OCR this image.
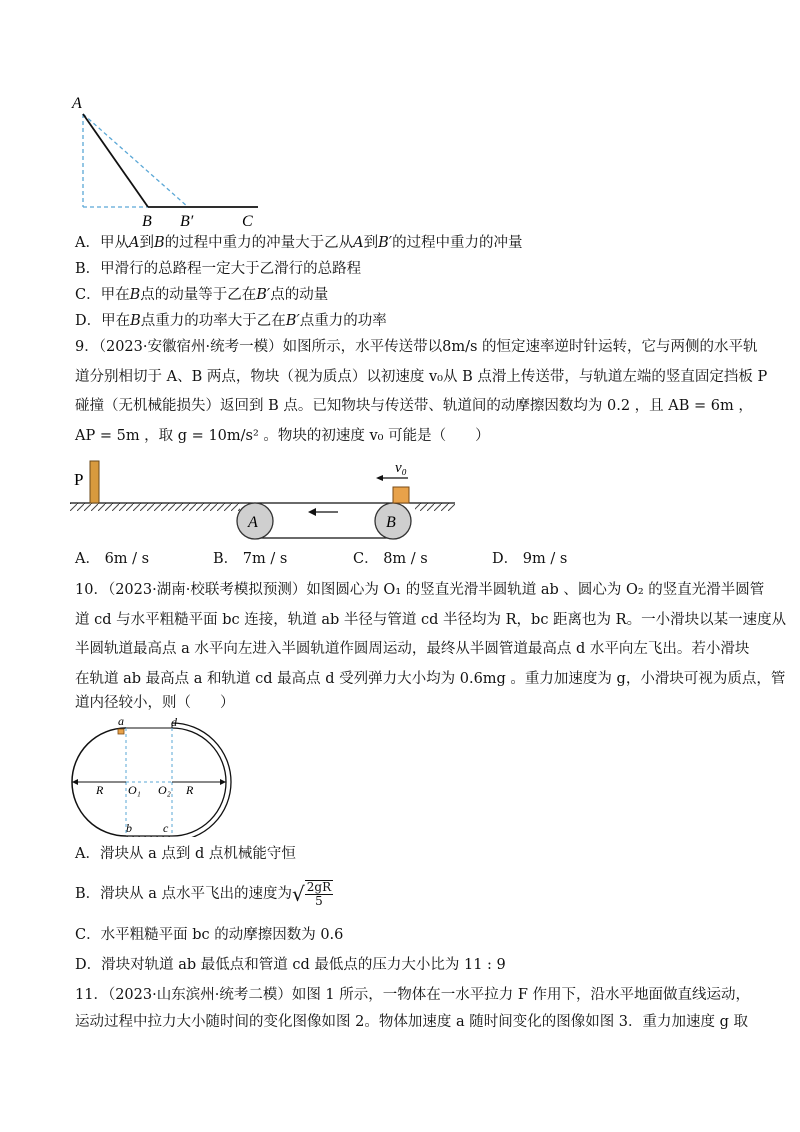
A
B B′	C
A．甲从A到B的过程中重力的冲量大于乙从A到B′的过程中重力的冲量
B．甲滑行的总路程一定大于乙滑行的总路程
C．甲在B点的动量等于乙在B′点的动量
D．甲在B点重力的功率大于乙在B′点重力的功率
9．（2023·安徽宿州·统考一模）如图所示，水平传送带以8m/s 的恒定速率逆时针运转，它与两侧的水平轨
道分别相切于 A、B 两点，物块（视为质点）以初速度 v₀从 B 点滑上传送带，与轨道左端的竖直固定挡板 P
碰撞（无机械能损失）返回到 B 点。已知物块与传送带、轨道间的动摩擦因数均为 0.2 ，且 AB = 6m ，
AP = 5m ，取 g = 10m/s² 。物块的初速度 v₀ 可能是（　　）
P
A	B
v₀
A． 6m / s	B． 7m / s	C． 8m / s	D． 9m / s
10．（2023·湖南·校联考模拟预测）如图圆心为 O₁ 的竖直光滑半圆轨道 ab 、圆心为 O₂ 的竖直光滑半圆管
道 cd 与水平粗糙平面 bc 连接，轨道 ab 半径与管道 cd 半径均为 R，bc 距离也为 R。一小滑块以某一速度从
半圆轨道最高点 a 水平向左进入半圆轨道作圆周运动，最终从半圆管道最高点 d 水平向左飞出。若小滑块
在轨道 ab 最高点 a 和轨道 cd 最高点 d 受列弹力大小均为 0.6mg 。重力加速度为 g，小滑块可视为质点，管
道内径较小，则（　　）
a	d
R O₁ O₂ R
b	c
A．滑块从 a 点到 d 点机械能守恒
B．滑块从 a 点水平飞出的速度为√ $\frac{2gR}{5}$
C．水平粗糙平面 bc 的动摩擦因数为 0.6
D．滑块对轨道 ab 最低点和管道 cd 最低点的压力大小比为 11 : 9
11．（2023·山东滨州·统考二模）如图 1 所示，一物体在一水平拉力 F 作用下，沿水平地面做直线运动，
运动过程中拉力大小随时间的变化图像如图 2。物体加速度 a 随时间变化的图像如图 3．重力加速度 g 取
